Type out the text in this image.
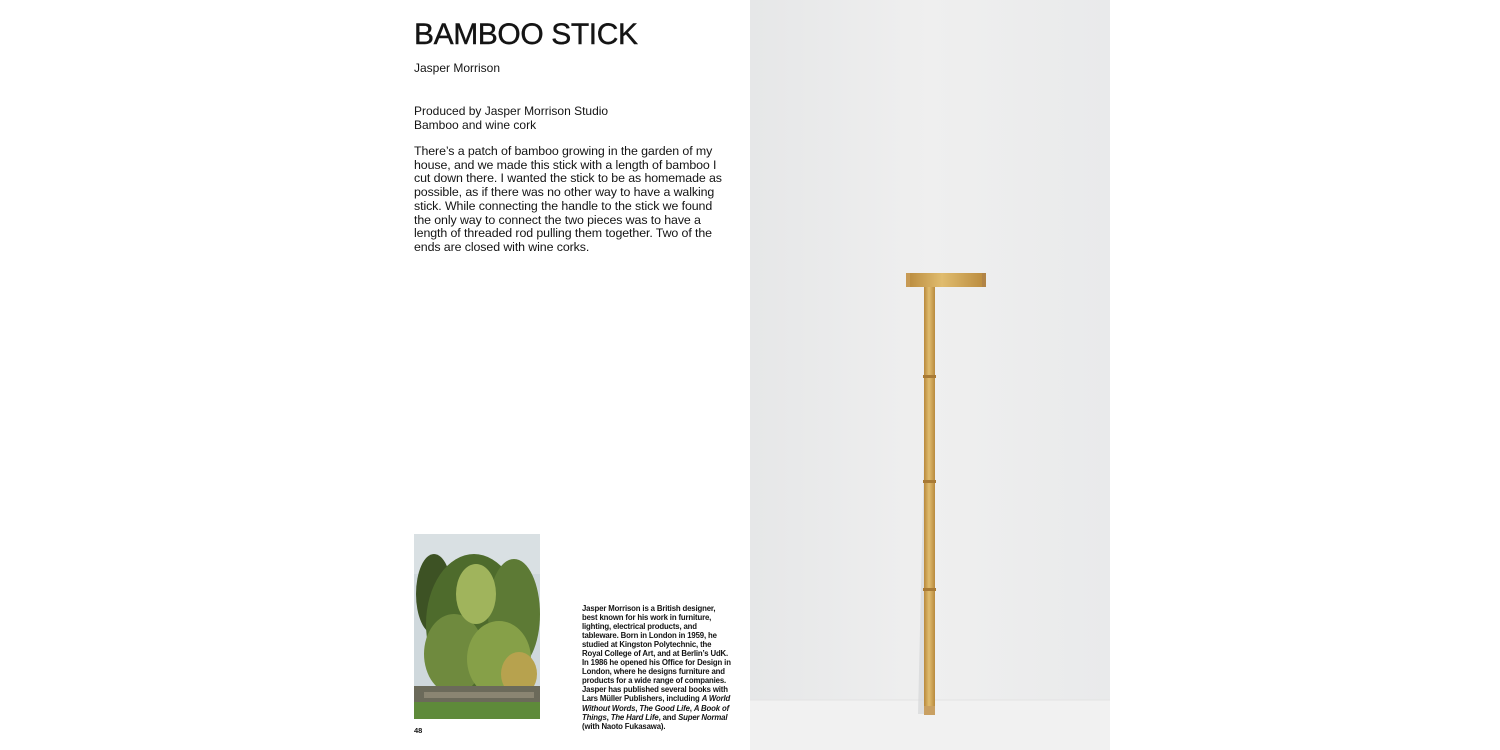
BAMBOO STICK
Jasper Morrison
Produced by Jasper Morrison Studio
Bamboo and wine cork

There’s a patch of bamboo growing in the garden of my house, and we made this stick with a length of bamboo I cut down there. I wanted the stick to be as homemade as possible, as if there was no other way to have a walking stick. While connecting the handle to the stick we found the only way to connect the two pieces was to have a length of threaded rod pulling them together. Two of the ends are closed with wine corks.

Jasper Morrison is a British designer, best known for his work in furniture, lighting, electrical products, and tableware. Born in London in 1959, he studied at Kingston Polytechnic, the Royal College of Art, and at Berlin’s UdK. In 1986 he opened his Office for Design in London, where he designs furniture and products for a wide range of companies. Jasper has published several books with Lars Müller Publishers, including A World Without Words, The Good Life, A Book of Things, The Hard Life, and Super Normal (with Naoto Fukasawa).

48
